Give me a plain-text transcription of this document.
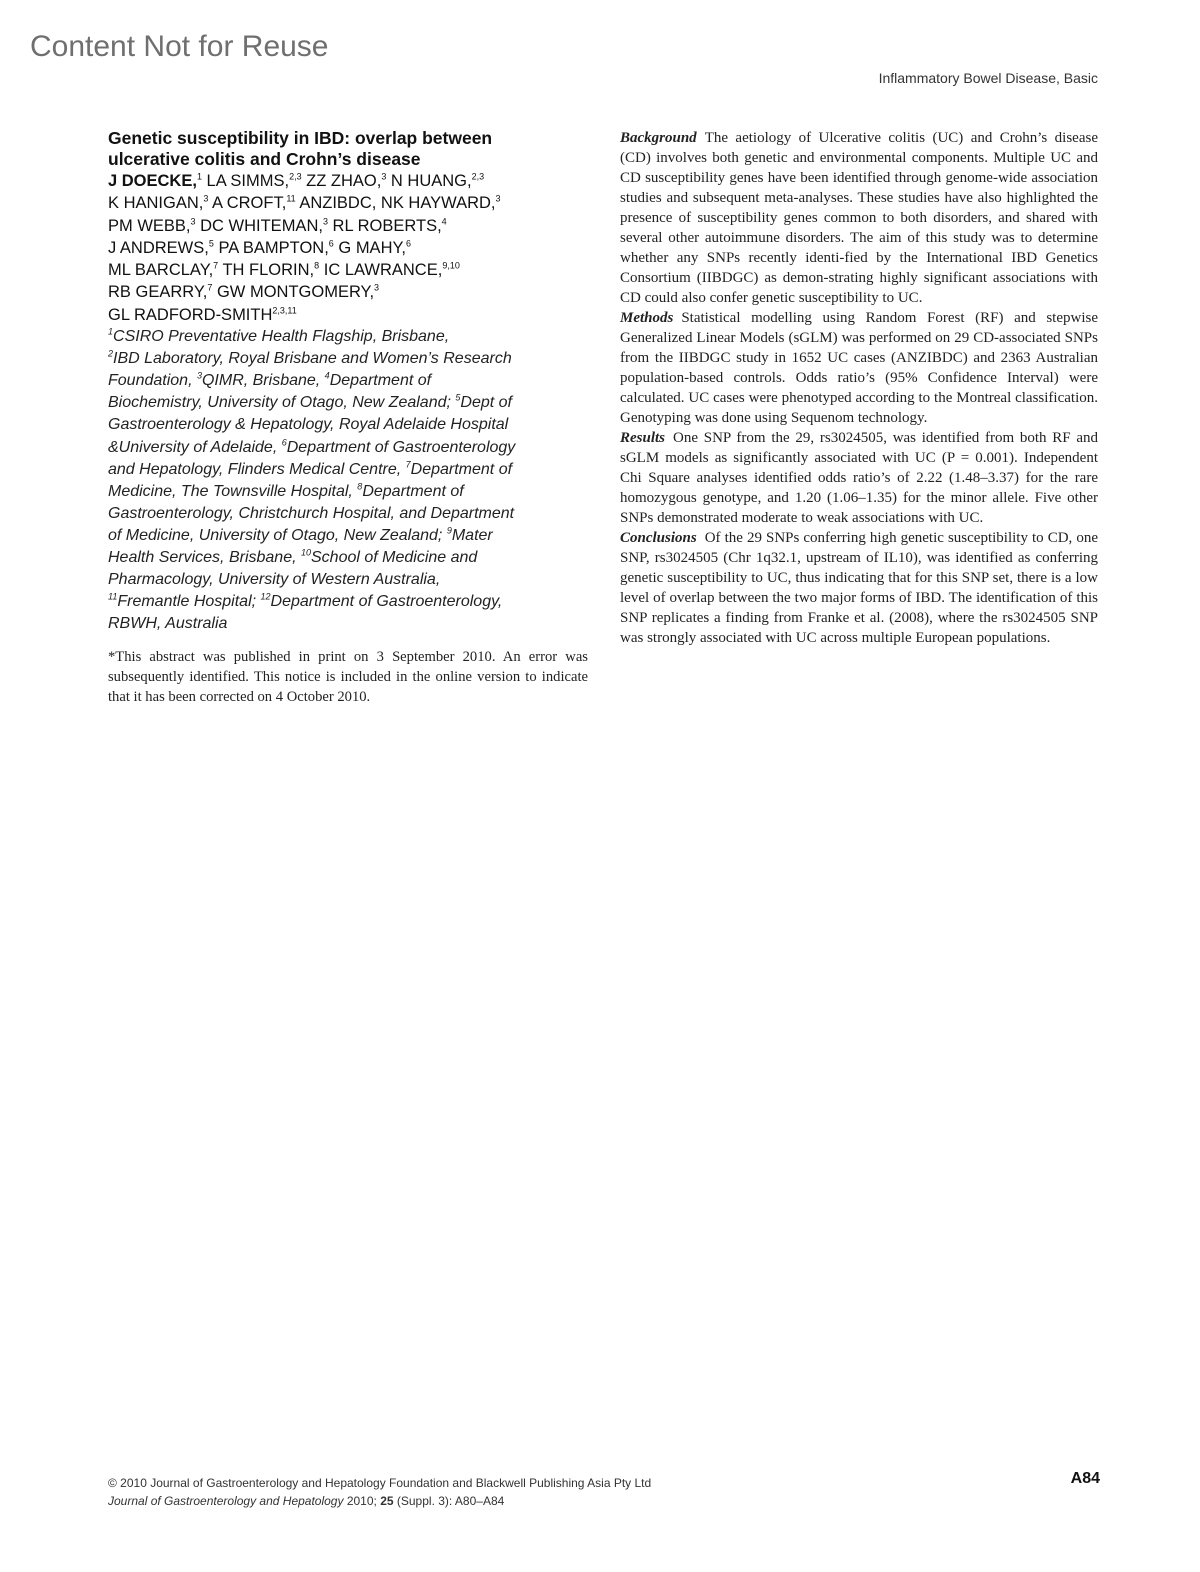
Content Not for Reuse
Inflammatory Bowel Disease, Basic

Genetic susceptibility in IBD: overlap between
ulcerative colitis and Crohn’s disease

J DOECKE,$^1$ LA SIMMS,$^{2,3}$ ZZ ZHAO,$^3$ N HUANG,$^{2,3}$
K HANIGAN,$^3$ A CROFT,$^{11}$ ANZIBDC, NK HAYWARD,$^3$
PM WEBB,$^3$ DC WHITEMAN,$^3$ RL ROBERTS,$^4$
J ANDREWS,$^5$ PA BAMPTON,$^6$ G MAHY,$^6$
ML BARCLAY,$^7$ TH FLORIN,$^8$ IC LAWRANCE,$^{9,10}$
RB GEARRY,$^7$ GW MONTGOMERY,$^3$
GL RADFORD-SMITH$^{2,3,11}$
$^1$CSIRO Preventative Health Flagship, Brisbane,
$^2$IBD Laboratory, Royal Brisbane and Women’s Research
Foundation, $^3$QIMR, Brisbane, $^4$Department of
Biochemistry, University of Otago, New Zealand; $^5$Dept of
Gastroenterology & Hepatology, Royal Adelaide Hospital
&University of Adelaide, $^6$Department of Gastroenterology
and Hepatology, Flinders Medical Centre, $^7$Department of
Medicine, The Townsville Hospital, $^8$Department of
Gastroenterology, Christchurch Hospital, and Department
of Medicine, University of Otago, New Zealand; $^9$Mater
Health Services, Brisbane, $^{10}$School of Medicine and
Pharmacology, University of Western Australia,
$^{11}$Fremantle Hospital; $^{12}$Department of Gastroenterology,
RBWH, Australia
*This abstract was published in print on 3 September 2010. An error was subsequently identified. This notice is included in the online version to indicate that it has been corrected on 4 October 2010.

Background The aetiology of Ulcerative colitis (UC) and Crohn’s disease (CD) involves both genetic and environmental components. Multiple UC and CD susceptibility genes have been identified through genome-wide association studies and subsequent meta-analyses. These studies have also highlighted the presence of susceptibility genes common to both disorders, and shared with several other autoimmune disorders. The aim of this study was to determine whether any SNPs recently identi-fied by the International IBD Genetics Consortium (IIBDGC) as demon-strating highly significant associations with CD could also confer genetic susceptibility to UC.

Methods Statistical modelling using Random Forest (RF) and stepwise Generalized Linear Models (sGLM) was performed on 29 CD-associated SNPs from the IIBDGC study in 1652 UC cases (ANZIBDC) and 2363 Australian population-based controls. Odds ratio’s (95% Confidence Interval) were calculated. UC cases were phenotyped according to the Montreal classification. Genotyping was done using Sequenom technology.

Results One SNP from the 29, rs3024505, was identified from both RF and sGLM models as significantly associated with UC (P = 0.001). Independent Chi Square analyses identified odds ratio’s of 2.22 (1.48–3.37) for the rare homozygous genotype, and 1.20 (1.06–1.35) for the minor allele. Five other SNPs demonstrated moderate to weak associations with UC.

Conclusions Of the 29 SNPs conferring high genetic susceptibility to CD, one SNP, rs3024505 (Chr 1q32.1, upstream of IL10), was identified as conferring genetic susceptibility to UC, thus indicating that for this SNP set, there is a low level of overlap between the two major forms of IBD. The identification of this SNP replicates a finding from Franke et al. (2008), where the rs3024505 SNP was strongly associated with UC across multiple European populations.

© 2010 Journal of Gastroenterology and Hepatology Foundation and Blackwell Publishing Asia Pty Ltd
Journal of Gastroenterology and Hepatology 2010; 25 (Suppl. 3): A80–A84
A84
